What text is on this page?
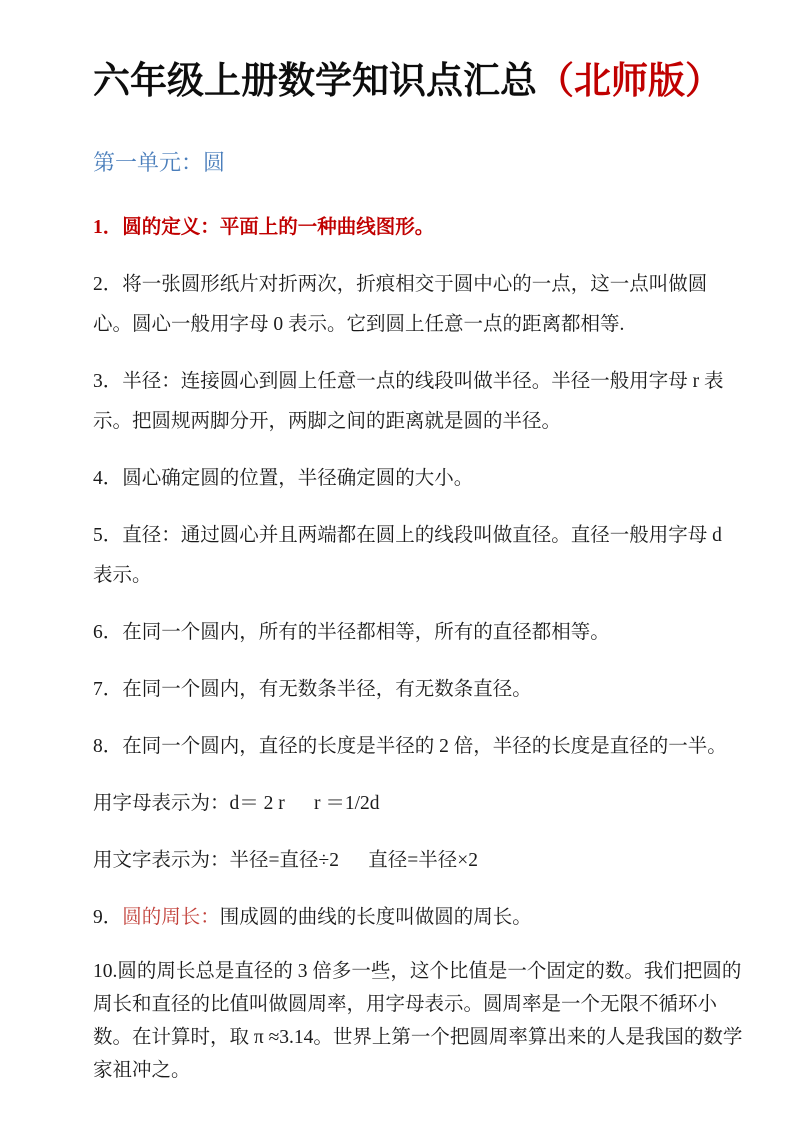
六年级上册数学知识点汇总（北师版）
第一单元：圆

1．圆的定义：平面上的一种曲线图形。

2．将一张圆形纸片对折两次，折痕相交于圆中心的一点，这一点叫做圆心。圆心一般用字母 0 表示。它到圆上任意一点的距离都相等.

3．半径：连接圆心到圆上任意一点的线段叫做半径。半径一般用字母 r 表示。把圆规两脚分开，两脚之间的距离就是圆的半径。

4．圆心确定圆的位置，半径确定圆的大小。

5．直径：通过圆心并且两端都在圆上的线段叫做直径。直径一般用字母 d 表示。

6．在同一个圆内，所有的半径都相等，所有的直径都相等。

7．在同一个圆内，有无数条半径，有无数条直径。

8．在同一个圆内，直径的长度是半径的 2 倍，半径的长度是直径的一半。

用字母表示为：d＝ 2 r      r ＝1/2d

用文字表示为：半径=直径÷2      直径=半径×2

9．圆的周长：围成圆的曲线的长度叫做圆的周长。

10.圆的周长总是直径的 3 倍多一些，这个比值是一个固定的数。我们把圆的周长和直径的比值叫做圆周率，用字母表示。圆周率是一个无限不循环小数。在计算时，取 π ≈3.14。世界上第一个把圆周率算出来的人是我国的数学家祖冲之。
